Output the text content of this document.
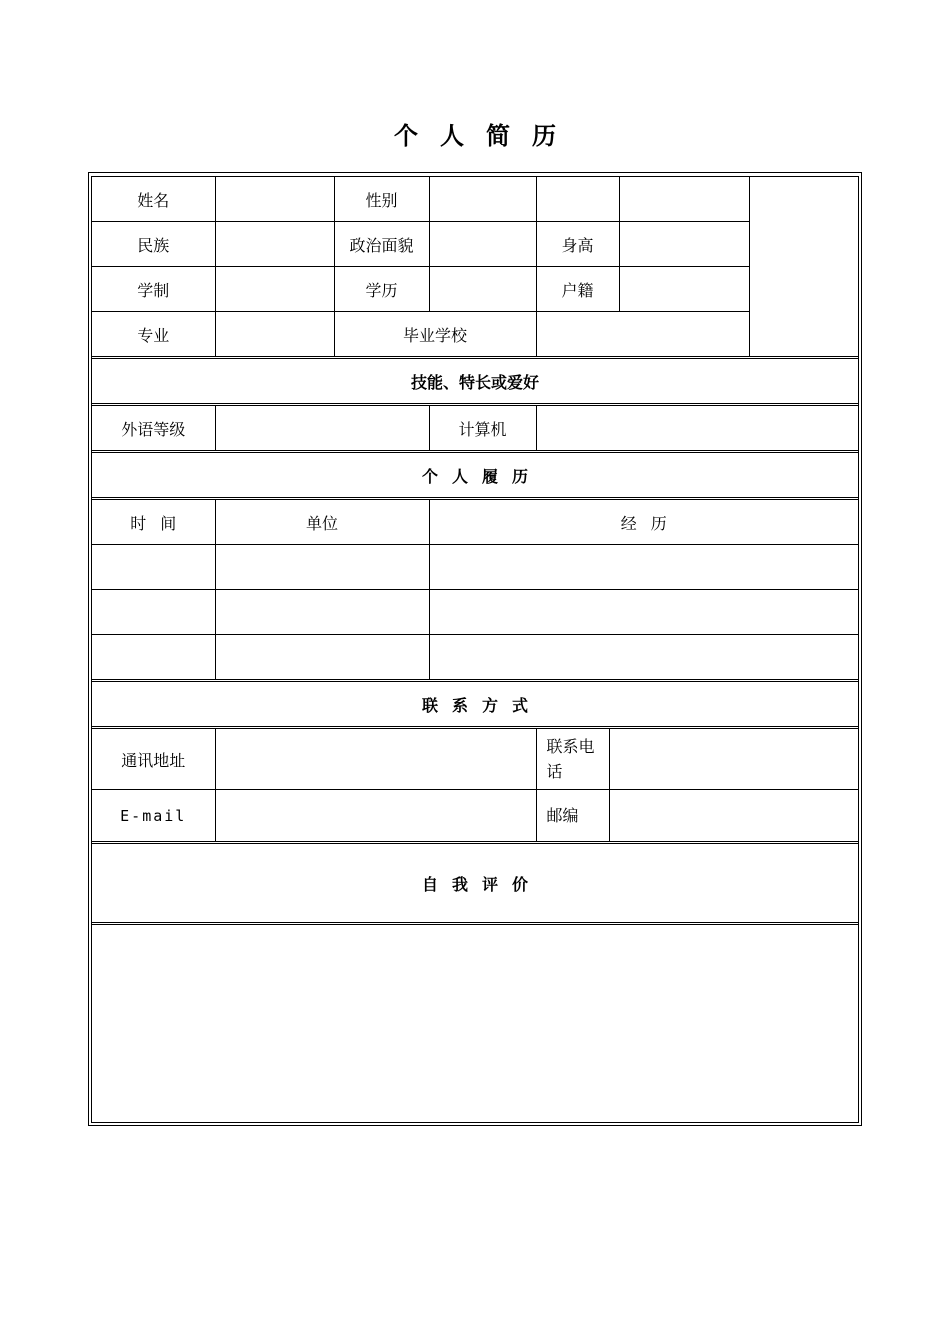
个人简历
姓名		性别					
民族		政治面貌		身高			
学制		学历		户籍			
专业		毕业学校					
技能、特长或爱好							
外语等级			计算机				
个人履历							
时间	单位		经历				

联系方式							
通讯地址				联系电话			
E-mail				邮编			
自我评价							
